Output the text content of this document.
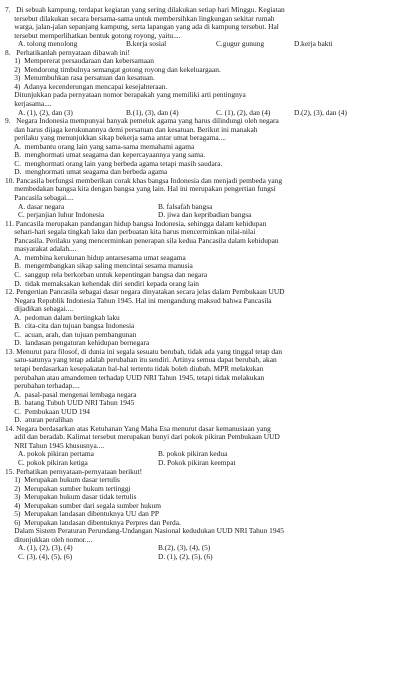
7.   Di sebuah kampung, terdapat kegiatan yang sering dilakukan setiap hari Minggu. Kegiatan
tersebut dilakukan secara bersama-sama untuk membersihkan lingkungan sekitar rumah
warga, jalan-jalan sepanjang kampung, serta lapangan yang ada di kampung tersebut. Hal
tersebut memperlihatkan bentuk gotong royong, yaitu....
A. tolong menolong	B.kerja sosial	C.gugur gunung	D.kerja bakti
8.   Perhatikanlah pernyataan dibawah ini!
1)  Mempererat persaudaraan dan kebersamaan
2)  Mendorong timbulnya semangat gotong royong dan kekeluargaan.
3)  Menumbuhkan rasa persatuan dan kesatuan.
4)  Adanya kecenderungan mencapai kesejahteraan.
Ditunjukkan pada pernyataan nomor berapakah yang memiliki arti pentingnya
kerjasama....
A. (1), (2), dan (3)	B.(1), (3), dan (4)	C. (1), (2), dan (4)	D.(2), (3), dan (4)
9.   Negara Indonesia mempunyai banyak pemeluk agama yang harus dilindungi oleh negara
dan harus dijaga kerukunannya demi persatuan dan kesatuan. Berikut ini manakah
perilaku yang menunjukkan sikap bekerja sama antar umat beragama....
A.  membantu orang lain yang sama-sama memahami agama
B.  menghormati umat seagama dan kepercayaannya yang sama.
C.  menghormati orang lain yang berbeda agama tetapi masih saudara.
D.  menghormati umat seagama dan berbeda agama
10. Pancasila berfungsi memberikan corak khas bangsa Indonesia dan menjadi pembeda yang
membedakan bangsa kita dengan bangsa yang lain. Hal ini merupakan pengertian fungsi
Pancasila sebagai....
A. dasar negara	B. falsafah bangsa
C. perjanjian luhur Indonesia	D. jiwa dan kepribadian bangsa
11. Pancasila merupakan pandangan hidup bangsa Indonesia, sehingga dalam kehidupan
sehari-hari segala tingkah laku dan perbuatan kita harus mencerminkan nilai-nilai
Pancasila. Perilaku yang mencerminkan penerapan sila kedua Pancasila dalam kehidupan
masyarakat adalah....
A.  membina kerukunan hidup antarsesama umat seagama
B.  mengembangkan sikap saling mencintai sesama manusia
C.  sanggup rela berkorban untuk kepentingan bangsa dan negara
D.  tidak memaksakan kehendak diri sendiri kepada orang lain
12. Pengertian Pancasila sebagai dasar negara dinyatakan secara jelas dalam Pembukaan UUD
Negara Republik Indonesia Tahun 1945. Hal ini mengandung maksud bahwa Pancasila
dijadikan sebagai....
A.  pedoman dalam bertingkah laku
B.  cita-cita dan tujuan bangsa Indonesia
C.  acuan, arah, dan tujuan pembangunan
D.  landasan pengaturan kehidupan bernegara
13. Menurut para filosof, di dunia ini segala sesuatu berubah, tidak ada yang tinggal tetap dan
satu-satunya yang tetap adalah perubahan itu sendiri. Artinya semua dapat berubah, akan
tetapi berdasarkan kesepakatan hal-hal tertentu tidak boleh diubah. MPR melakukan
perubahan atau amandemen terhadap UUD NRI Tahun 1945, tetapi tidak melakukan
perubahan terhadap....
A.  pasal-pasal mengenai lembaga negara
B.  batang Tubuh UUD NRI Tahun 1945
C.  Pembukaan UUD 194
D.  aturan peralihan
14. Negara berdasarkan atas Ketuhanan Yang Maha Esa menurut dasar kemanusiaan yang
adil dan beradab. Kalimat tersebut merupakan bunyi dari pokok pikiran Pembukaan UUD
NRI Tahun 1945 khususnya....
A. pokok pikiran pertama	B. pokok pikiran kedua
C. pokok pikiran ketiga	D. Pokok pikiran keempat
15. Perhatikan pernyataan-pernyataan berikut!
1)  Merupakan hukum dasar tertulis
2)  Merupakan sumber hukum tertinggi
3)  Merupakan hukum dasar tidak tertulis
4)  Merupakan sumber dari segala sumber hukum
5)  Merupakan landasan dibentuknya UU dan PP
6)  Merupakan landasan dibentuknya Perpres dan Perda.
Dalam Sistem Peraturan Perundang-Undangan Nasional kedudukan UUD NRI Tahun 1945
ditunjukkan oleh nomor....
A. (1), (2), (3), (4)	B.(2), (3), (4), (5)
C. (3), (4), (5), (6)	D. (1), (2), (5), (6)
